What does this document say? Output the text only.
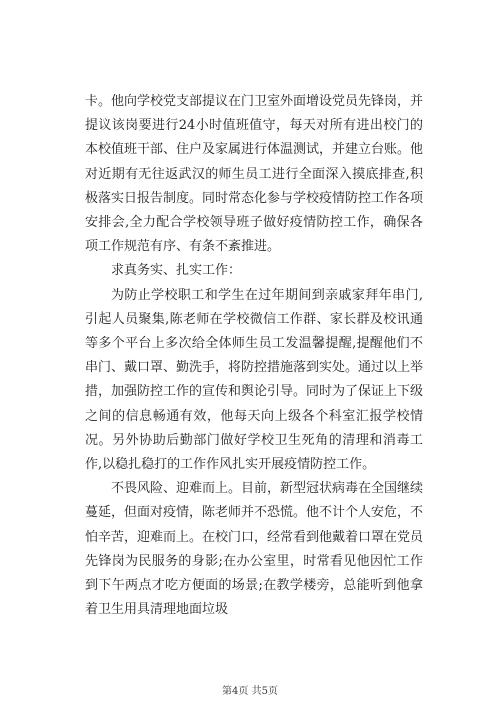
卡。他向学校党支部提议在门卫室外面增设党员先锋岗，并提议该岗要进行24小时值班值守，每天对所有进出校门的本校值班干部、住户及家属进行体温测试，并建立台账。他对近期有无往返武汉的师生员工进行全面深入摸底排查,积极落实日报告制度。同时常态化参与学校疫情防控工作各项安排会,全力配合学校领导班子做好疫情防控工作，确保各项工作规范有序、有条不紊推进。

求真务实、扎实工作：

为防止学校职工和学生在过年期间到亲戚家拜年串门,引起人员聚集,陈老师在学校微信工作群、家长群及校讯通等多个平台上多次给全体师生员工发温馨提醒,提醒他们不串门、戴口罩、勤洗手，将防控措施落到实处。通过以上举措，加强防控工作的宣传和舆论引导。同时为了保证上下级之间的信息畅通有效，他每天向上级各个科室汇报学校情况。另外协助后勤部门做好学校卫生死角的清理和消毒工作,以稳扎稳打的工作作风扎实开展疫情防控工作。

不畏风险、迎难而上。目前，新型冠状病毒在全国继续蔓延，但面对疫情，陈老师并不恐慌。他不计个人安危，不怕辛苦，迎难而上。在校门口，经常看到他戴着口罩在党员先锋岗为民服务的身影;在办公室里，时常看见他因忙工作到下午两点才吃方便面的场景;在教学楼旁，总能听到他拿着卫生用具清理地面垃圾

第4页 共5页
